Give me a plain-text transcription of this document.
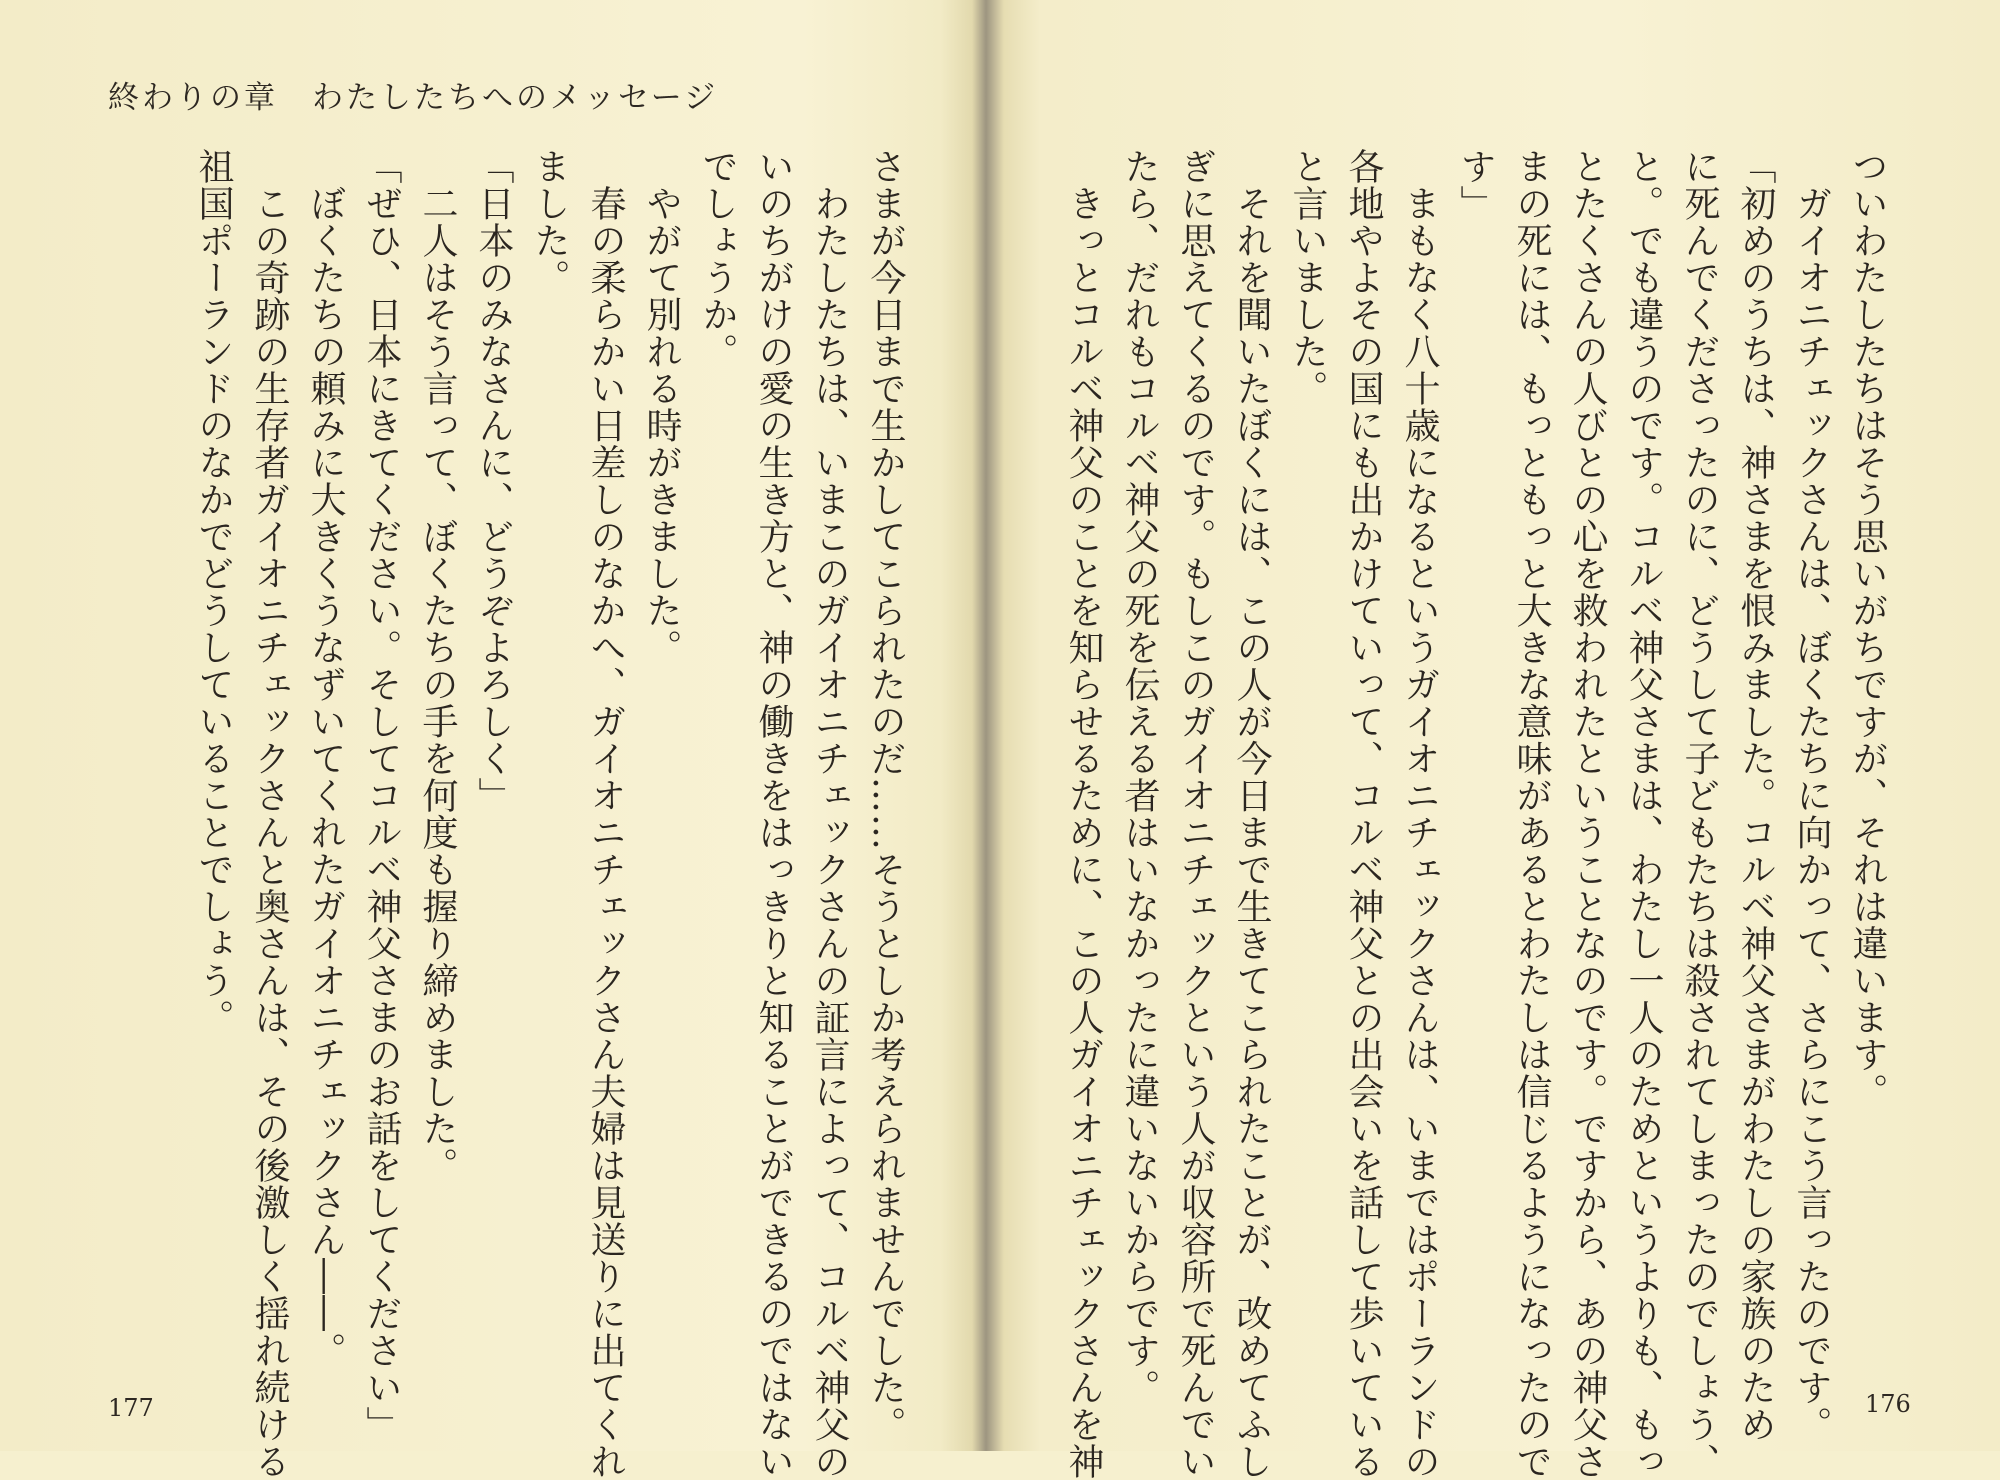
終わりの章　わたしたちへのメッセージ

さまが今日まで生かしてこられたのだ……そうとしか考えられませんでした。

　わたしたちは、いまこのガイオニチェックさんの証言によって、コルベ神父の

いのちがけの愛の生き方と、神の働きをはっきりと知ることができるのではない

でしょうか。

　やがて別れる時がきました。

　春の柔らかい日差しのなかへ、ガイオニチェックさん夫婦は見送りに出てくれ

ました。

「日本のみなさんに、どうぞよろしく」

　二人はそう言って、ぼくたちの手を何度も握り締めました。

「ぜひ、日本にきてください。そしてコルベ神父さまのお話をしてください」

　ぼくたちの頼みに大きくうなずいてくれたガイオニチェックさん――。

　この奇跡の生存者ガイオニチェックさんと奥さんは、その後激しく揺れ続ける

祖国ポーランドのなかでどうしていることでしょう。

177

ついわたしたちはそう思いがちですが、それは違います。

　ガイオニチェックさんは、ぼくたちに向かって、さらにこう言ったのです。

「初めのうちは、神さまを恨みました。コルベ神父さまがわたしの家族のため

に死んでくださったのに、どうして子どもたちは殺されてしまったのでしょう、

と。でも違うのです。コルベ神父さまは、わたし一人のためというよりも、もっ

とたくさんの人びとの心を救われたということなのです。ですから、あの神父さ

まの死には、もっともっと大きな意味があるとわたしは信じるようになったので

す」

　まもなく八十歳になるというガイオニチェックさんは、いまではポーランドの

各地やよその国にも出かけていって、コルベ神父との出会いを話して歩いている

と言いました。

　それを聞いたぼくには、この人が今日まで生きてこられたことが、改めてふし

ぎに思えてくるのです。もしこのガイオニチェックという人が収容所で死んでい

たら、だれもコルベ神父の死を伝える者はいなかったに違いないからです。

　きっとコルベ神父のことを知らせるために、この人ガイオニチェックさんを神	176
